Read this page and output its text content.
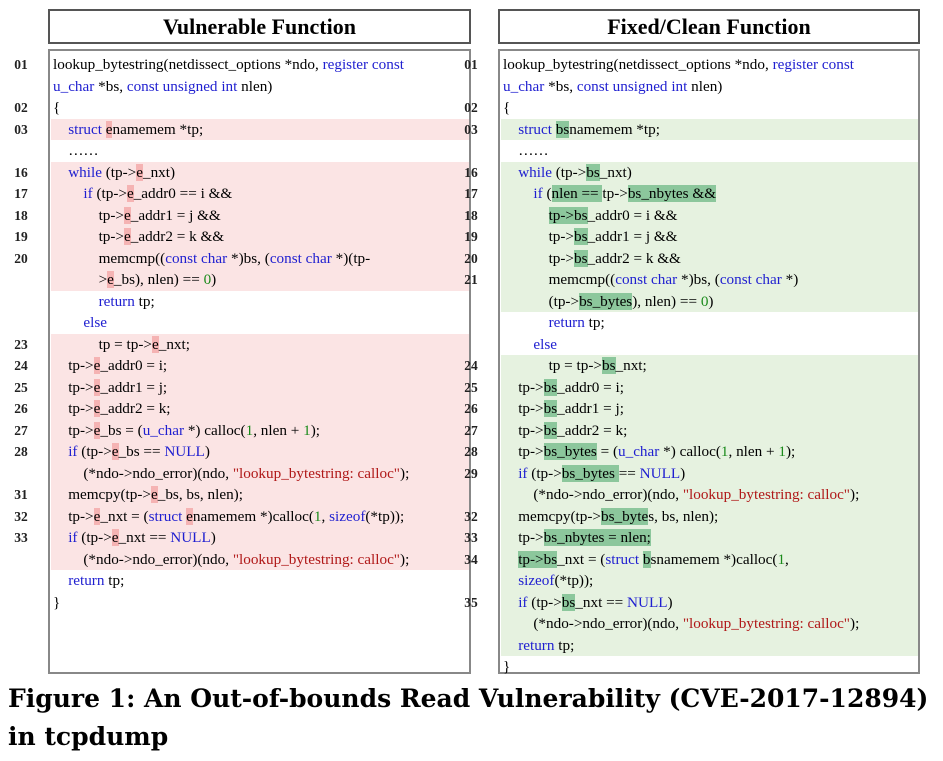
Vulnerable Function
01	lookup_bytestring(netdissect_options *ndo, register const
u_char *bs, const unsigned int nlen)
02	{
03	struct enamemem *tp;
……
16	while (tp->e_nxt)
17	if (tp->e_addr0 == i &&
18	tp->e_addr1 = j &&
19	tp->e_addr2 = k &&
20	memcmp((const char *)bs, (const char *)(tp-
>e_bs), nlen) == 0)
return tp;
else
23	tp = tp->e_nxt;
24	tp->e_addr0 = i;
25	tp->e_addr1 = j;
26	tp->e_addr2 = k;
27	tp->e_bs = (u_char *) calloc(1, nlen + 1);
28	if (tp->e_bs == NULL)
(*ndo->ndo_error)(ndo, "lookup_bytestring: calloc");
31	memcpy(tp->e_bs, bs, nlen);
32	tp->e_nxt = (struct enamemem *)calloc(1, sizeof(*tp));
33	if (tp->e_nxt == NULL)
(*ndo->ndo_error)(ndo, "lookup_bytestring: calloc");
return tp;
}
Fixed/Clean Function
01	lookup_bytestring(netdissect_options *ndo, register const
u_char *bs, const unsigned int nlen)
02	{
03	struct bsnamemem *tp;
……
16	while (tp->bs_nxt)
17	if (nlen == tp->bs_nbytes &&
18	tp->bs_addr0 = i &&
19	tp->bs_addr1 = j &&
20	tp->bs_addr2 = k &&
21	memcmp((const char *)bs, (const char *)
(tp->bs_bytes), nlen) == 0)
return tp;
else
24	tp = tp->bs_nxt;
25	tp->bs_addr0 = i;
26	tp->bs_addr1 = j;
27	tp->bs_addr2 = k;
28	tp->bs_bytes = (u_char *) calloc(1, nlen + 1);
29	if (tp->bs_bytes == NULL)
(*ndo->ndo_error)(ndo, "lookup_bytestring: calloc");
32	memcpy(tp->bs_bytes, bs, nlen);
33	tp->bs_nbytes = nlen;
34	tp->bs_nxt = (struct bsnamemem *)calloc(1,
sizeof(*tp));
35	if (tp->bs_nxt == NULL)
(*ndo->ndo_error)(ndo, "lookup_bytestring: calloc");
return tp;
}
Figure 1: An Out-of-bounds Read Vulnerability (CVE-2017-12894) in tcpdump
